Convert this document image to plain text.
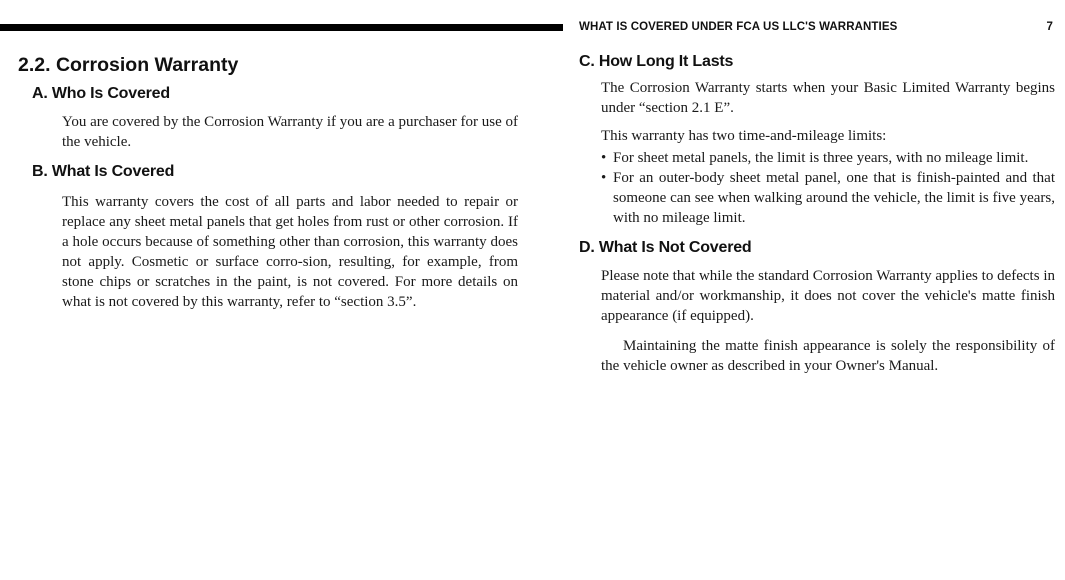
WHAT IS COVERED UNDER FCA US LLC'S WARRANTIES	7
2.2. Corrosion Warranty
A. Who Is Covered

You are covered by the Corrosion Warranty if you are a purchaser for use of the vehicle.

B. What Is Covered

This warranty covers the cost of all parts and labor needed to repair or replace any sheet metal panels that get holes from rust or other corrosion. If a hole occurs because of something other than corrosion, this warranty does not apply. Cosmetic or surface corro-sion, resulting, for example, from stone chips or scratches in the paint, is not covered. For more details on what is not covered by this warranty, refer to “section 3.5”.

C. How Long It Lasts

The Corrosion Warranty starts when your Basic Limited Warranty begins under “section 2.1 E”.

This warranty has two time-and-mileage limits:

• For sheet metal panels, the limit is three years, with no mileage limit.
• For an outer-body sheet metal panel, one that is finish-painted and that someone can see when walking around the vehicle, the limit is five years, with no mileage limit.
D. What Is Not Covered

Please note that while the standard Corrosion Warranty applies to defects in material and/or workmanship, it does not cover the vehicle's matte finish appearance (if equipped).

Maintaining the matte finish appearance is solely the responsibility of the vehicle owner as described in your Owner's Manual.
